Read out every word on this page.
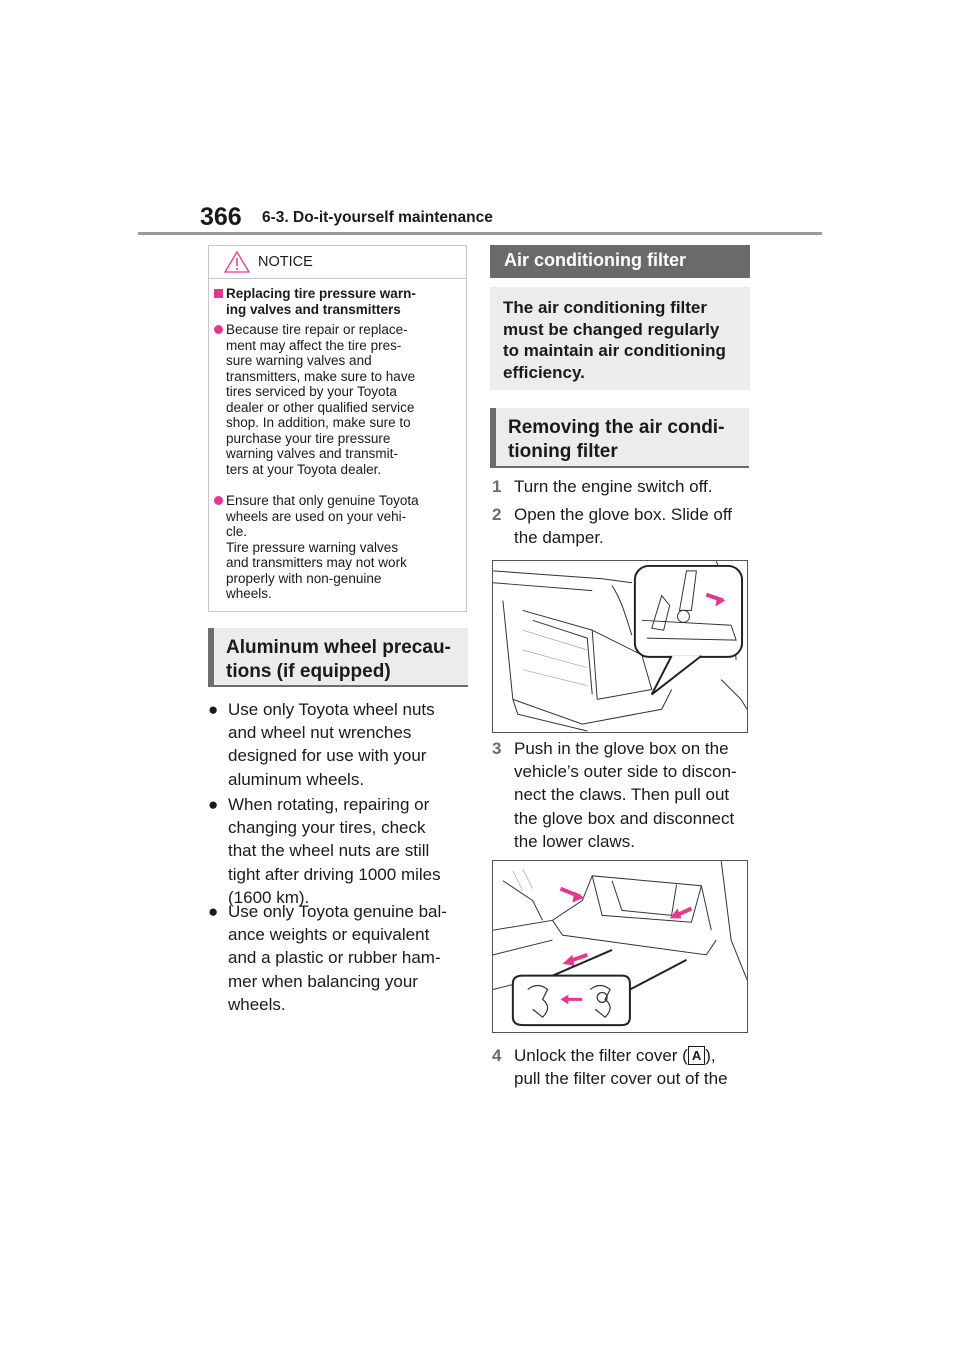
366 6-3. Do-it-yourself maintenance
NOTICE
Replacing tire pressure warn-
ing valves and transmitters
Because tire repair or replace-
ment may affect the tire pres-
sure warning valves and
transmitters, make sure to have
tires serviced by your Toyota
dealer or other qualified service
shop. In addition, make sure to
purchase your tire pressure
warning valves and transmit-
ters at your Toyota dealer.
Ensure that only genuine Toyota
wheels are used on your vehi-
cle.
Tire pressure warning valves
and transmitters may not work
properly with non-genuine
wheels.
Aluminum wheel precau-
tions (if equipped)
● Use only Toyota wheel nuts
and wheel nut wrenches
designed for use with your
aluminum wheels.
● When rotating, repairing or
changing your tires, check
that the wheel nuts are still
tight after driving 1000 miles
(1600 km).
● Use only Toyota genuine bal-
ance weights or equivalent
and a plastic or rubber ham-
mer when balancing your
wheels.
Air conditioning filter
The air conditioning filter
must be changed regularly
to maintain air conditioning
efficiency.
Removing the air condi-
tioning filter
1 Turn the engine switch off.
2 Open the glove box. Slide off
the damper.
3 Push in the glove box on the
vehicle’s outer side to discon-
nect the claws. Then pull out
the glove box and disconnect
the lower claws.
4 Unlock the filter cover ( A ),
pull the filter cover out of the
